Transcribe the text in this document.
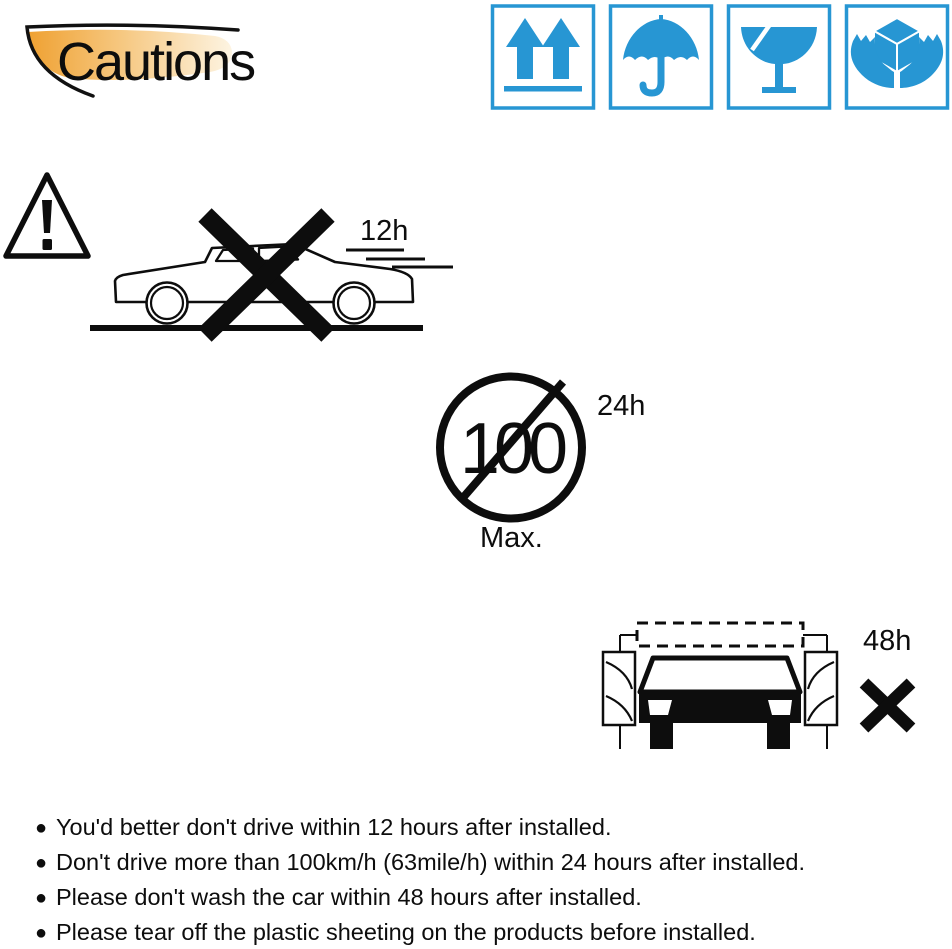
Cautions
12h
100
24h
Max.
48h
● You'd better don't drive within 12 hours after installed.
● Don't drive more than 100km/h (63mile/h) within 24 hours after installed.
● Please don't wash the car within 48 hours after installed.
● Please tear off the plastic sheeting on the products before installed.
